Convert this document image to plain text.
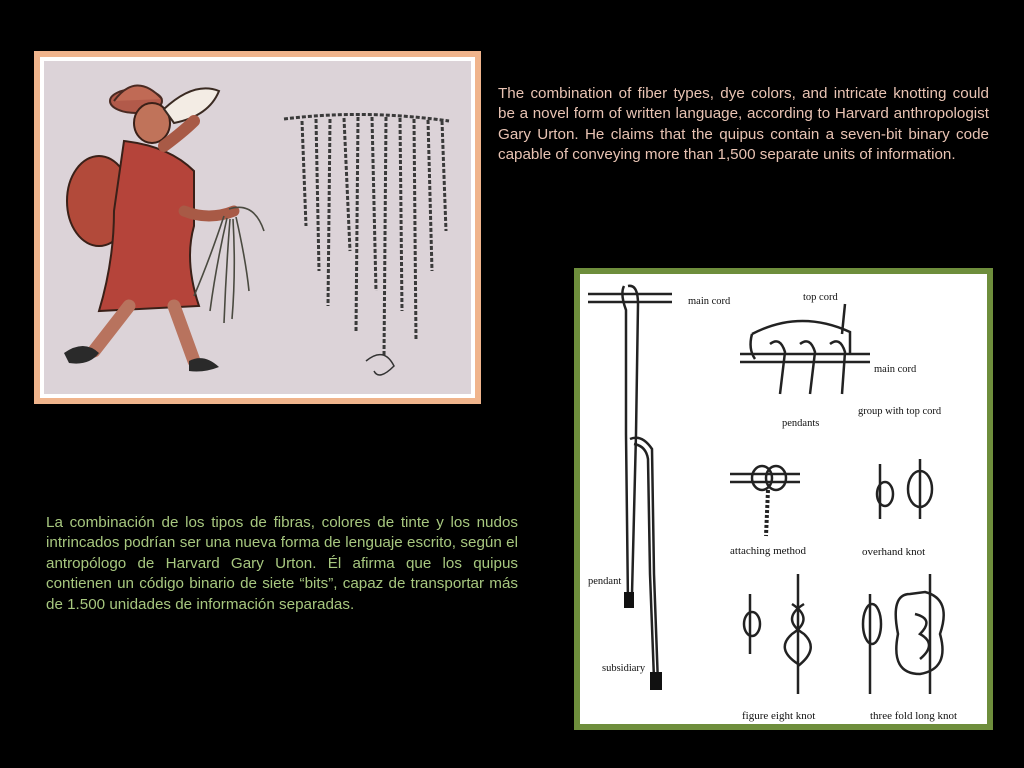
The combination of fiber types, dye colors, and intricate knotting could be a novel form of written language, according to Harvard anthropologist Gary Urton. He claims that the quipus contain a seven-bit binary code capable of conveying more than 1,500 separate units of information.

main cord	top cord
main cord
pendants
group with top cord
attaching method	overhand knot
pendant
subsidiary
figure eight knot	three fold long knot

La combinación de los tipos de fibras, colores de tinte y los nudos intrincados podrían ser una nueva forma de lenguaje escrito, según el antropólogo de Harvard Gary Urton. Él afirma que los quipus contienen un código binario de siete “bits”, capaz de transportar más de 1.500 unidades de información separadas.
